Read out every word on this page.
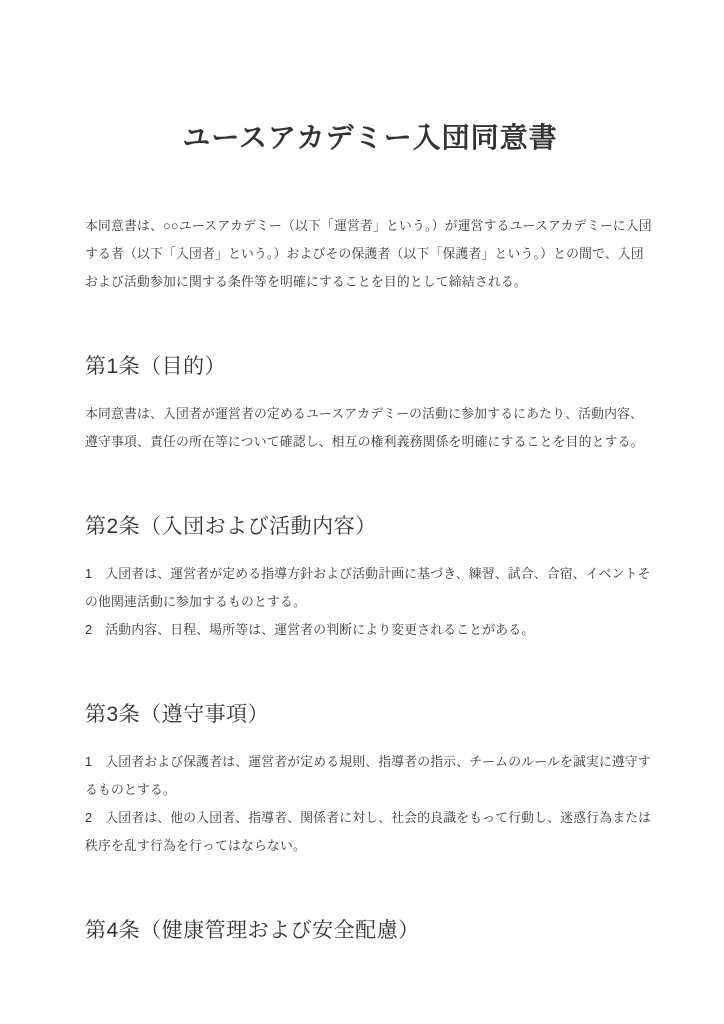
ユースアカデミー入団同意書

本同意書は、○○ユースアカデミー（以下「運営者」という。）が運営するユースアカデミーに入団する者（以下「入団者」という。）およびその保護者（以下「保護者」という。）との間で、入団および活動参加に関する条件等を明確にすることを目的として締結される。

第1条（目的）

本同意書は、入団者が運営者の定めるユースアカデミーの活動に参加するにあたり、活動内容、遵守事項、責任の所在等について確認し、相互の権利義務関係を明確にすることを目的とする。

第2条（入団および活動内容）

1　入団者は、運営者が定める指導方針および活動計画に基づき、練習、試合、合宿、イベントその他関連活動に参加するものとする。

2　活動内容、日程、場所等は、運営者の判断により変更されることがある。

第3条（遵守事項）

1　入団者および保護者は、運営者が定める規則、指導者の指示、チームのルールを誠実に遵守するものとする。

2　入団者は、他の入団者、指導者、関係者に対し、社会的良識をもって行動し、迷惑行為または秩序を乱す行為を行ってはならない。

第4条（健康管理および安全配慮）
